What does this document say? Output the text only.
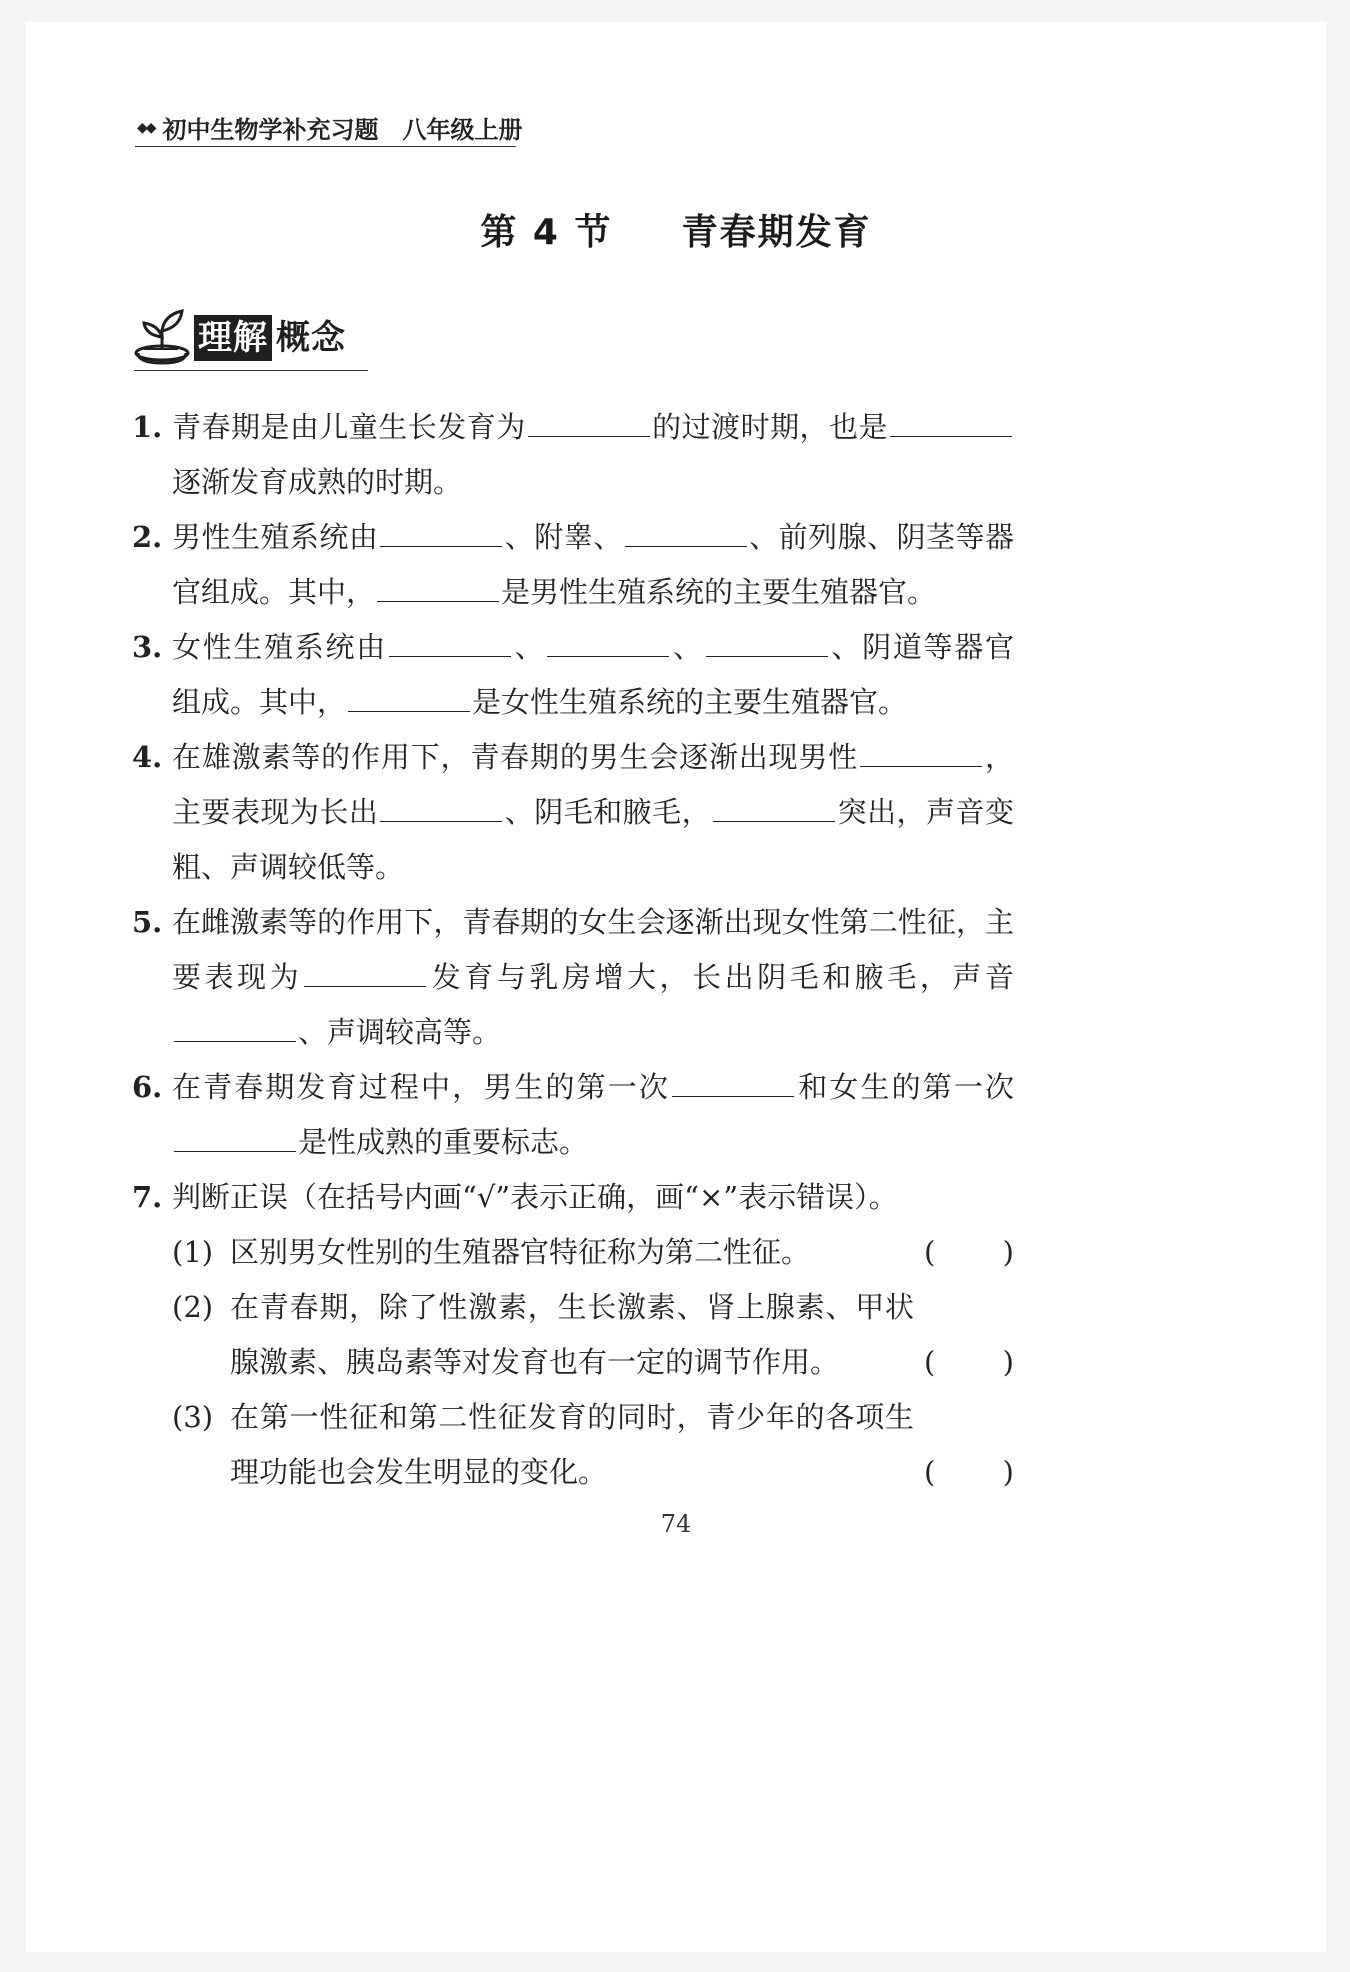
◆◆ 初中生物学补充习题 八年级上册
第 4 节 青春期发育
理解 概念
1. 青春期是由儿童生长发育为	的过渡时期，也是逐渐发育成熟的时期。
2. 男性生殖系统由	、附睾、	、前列腺、阴茎等器官组成。其中，	是男性生殖系统的主要生殖器官。
3. 女性生殖系统由	、	、	、阴道等器官组成。其中，	是女性生殖系统的主要生殖器官。
4. 在雄激素等的作用下，青春期的男生会逐渐出现男性	，主要表现为长出	、阴毛和腋毛，	突出，声音变粗、声调较低等。
5. 在雌激素等的作用下，青春期的女生会逐渐出现女性第二性征，主要表现为	发育与乳房增大，长出阴毛和腋毛，声音、声调较高等。
6. 在青春期发育过程中，男生的第一次	和女生的第一次是性成熟的重要标志。
7. 判断正误（在括号内画“√”表示正确，画“×”表示错误）。
(1) 区别男女性别的生殖器官特征称为第二性征。	(　)
(2) 在青春期，除了性激素，生长激素、肾上腺素、甲状腺激素、胰岛素等对发育也有一定的调节作用。	(　)
(3) 在第一性征和第二性征发育的同时，青少年的各项生理功能也会发生明显的变化。	(　)
74
